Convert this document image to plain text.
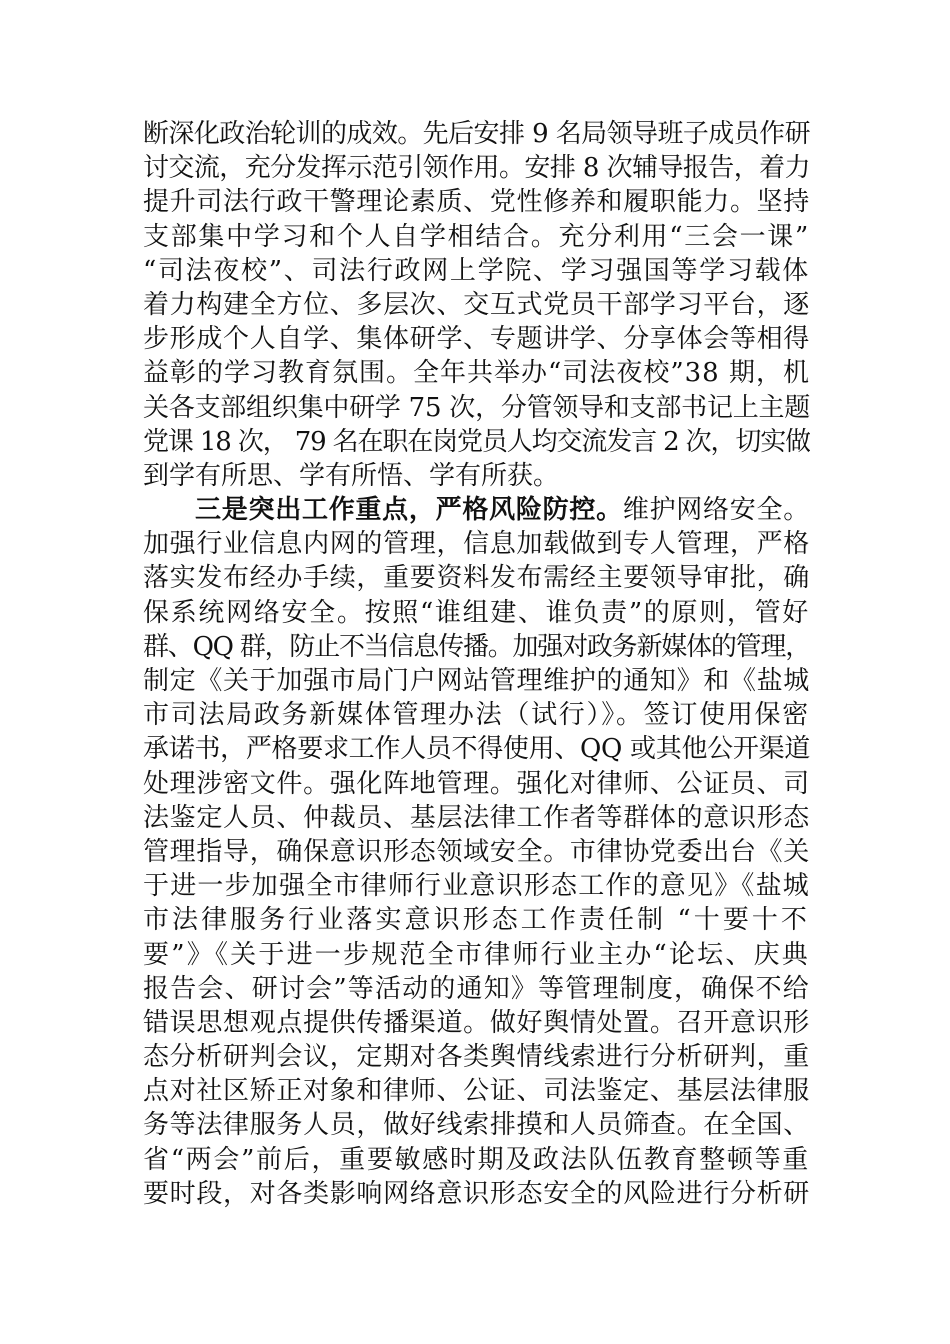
断深化政治轮训的成效。先后安排 9 名局领导班子成员作研
讨交流，充分发挥示范引领作用。安排 8 次辅导报告，着力
提升司法行政干警理论素质、党性修养和履职能力。坚持
支部集中学习和个人自学相结合。充分利用“三会一课”
“司法夜校”、司法行政网上学院、学习强国等学习载体
着力构建全方位、多层次、交互式党员干部学习平台，逐
步形成个人自学、集体研学、专题讲学、分享体会等相得
益彰的学习教育氛围。全年共举办“司法夜校”38 期，机
关各支部组织集中研学 75 次，分管领导和支部书记上主题
党课 18 次， 79 名在职在岗党员人均交流发言 2 次，切实做
到学有所思、学有所悟、学有所获。
三是突出工作重点，严格风险防控。维护网络安全。
加强行业信息内网的管理，信息加载做到专人管理，严格
落实发布经办手续，重要资料发布需经主要领导审批，确
保系统网络安全。按照“谁组建、谁负责”的原则，管好
群、QQ 群，防止不当信息传播。加强对政务新媒体的管理，
制定《关于加强市局门户网站管理维护的通知》和《盐城
市司法局政务新媒体管理办法（试行）》。签订使用保密
承诺书，严格要求工作人员不得使用、QQ 或其他公开渠道
处理涉密文件。强化阵地管理。强化对律师、公证员、司
法鉴定人员、仲裁员、基层法律工作者等群体的意识形态
管理指导，确保意识形态领域安全。市律协党委出台《关
于进一步加强全市律师行业意识形态工作的意见》《盐城
市法律服务行业落实意识形态工作责任制 “十要十不
要”》《关于进一步规范全市律师行业主办“论坛、庆典
报告会、研讨会”等活动的通知》等管理制度，确保不给
错误思想观点提供传播渠道。做好舆情处置。召开意识形
态分析研判会议，定期对各类舆情线索进行分析研判，重
点对社区矫正对象和律师、公证、司法鉴定、基层法律服
务等法律服务人员，做好线索排摸和人员筛查。在全国、
省“两会”前后，重要敏感时期及政法队伍教育整顿等重
要时段，对各类影响网络意识形态安全的风险进行分析研
